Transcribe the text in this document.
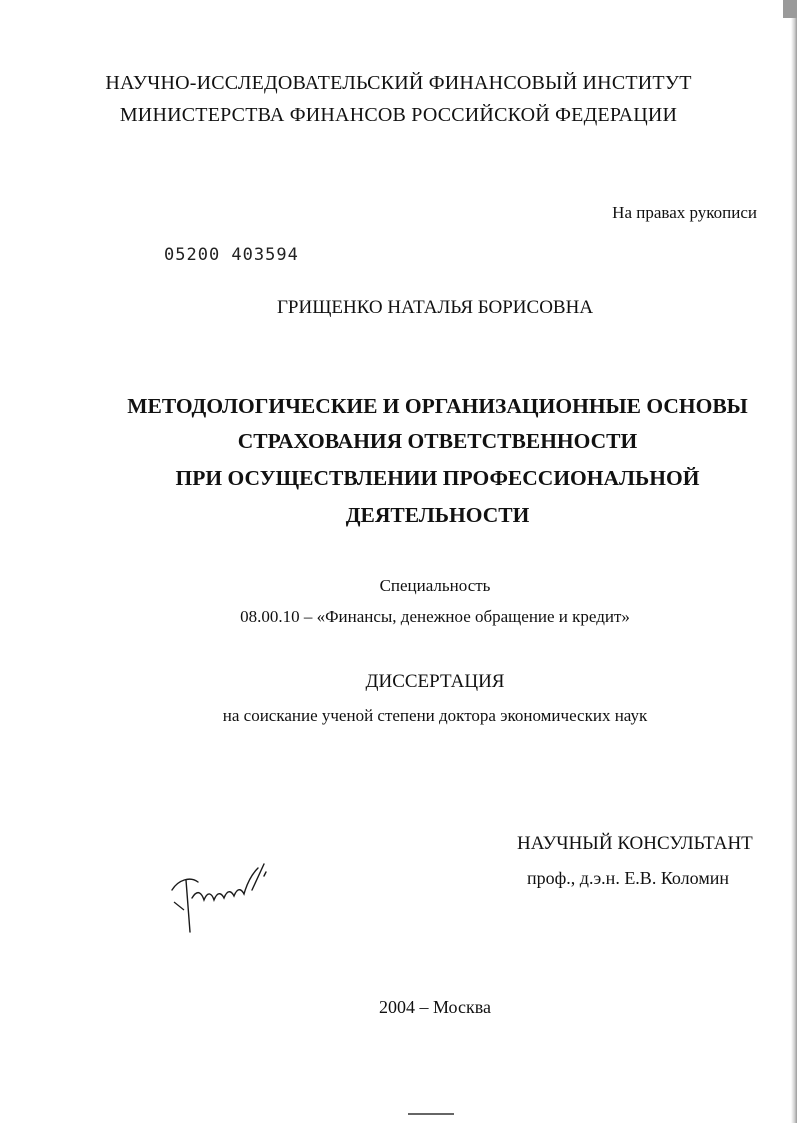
НАУЧНО-ИССЛЕДОВАТЕЛЬСКИЙ ФИНАНСОВЫЙ ИНСТИТУТ
МИНИСТЕРСТВА ФИНАНСОВ РОССИЙСКОЙ ФЕДЕРАЦИИ
На правах рукописи
05200 403594
ГРИЩЕНКО НАТАЛЬЯ БОРИСОВНА
МЕТОДОЛОГИЧЕСКИЕ И ОРГАНИЗАЦИОННЫЕ ОСНОВЫ
СТРАХОВАНИЯ ОТВЕТСТВЕННОСТИ
ПРИ ОСУЩЕСТВЛЕНИИ ПРОФЕССИОНАЛЬНОЙ
ДЕЯТЕЛЬНОСТИ
Специальность
08.00.10 – «Финансы, денежное обращение и кредит»
ДИССЕРТАЦИЯ
на соискание ученой степени доктора экономических наук
НАУЧНЫЙ КОНСУЛЬТАНТ
проф., д.э.н. Е.В. Коломин
2004 – Москва
